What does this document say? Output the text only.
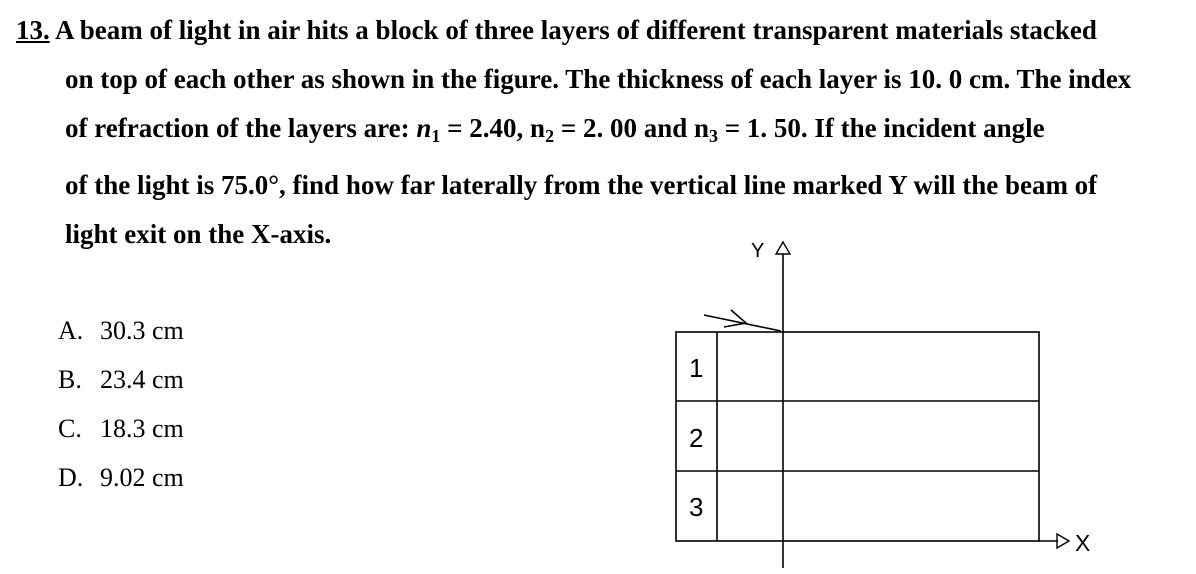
13. A beam of light in air hits a block of three layers of different transparent materials stacked
on top of each other as shown in the figure. The thickness of each layer is 10. 0 cm. The index
of refraction of the layers are: $n_1 = 2.40$, $n_2 = 2$. 00 and $n_3 = 1$. 50. If the incident angle
of the light is 75.0°, find how far laterally from the vertical line marked Y will the beam of
light exit on the X-axis.
A. 30.3 cm
B. 23.4 cm
C. 18.3 cm
D. 9.02 cm
Y
X
1
2
3
